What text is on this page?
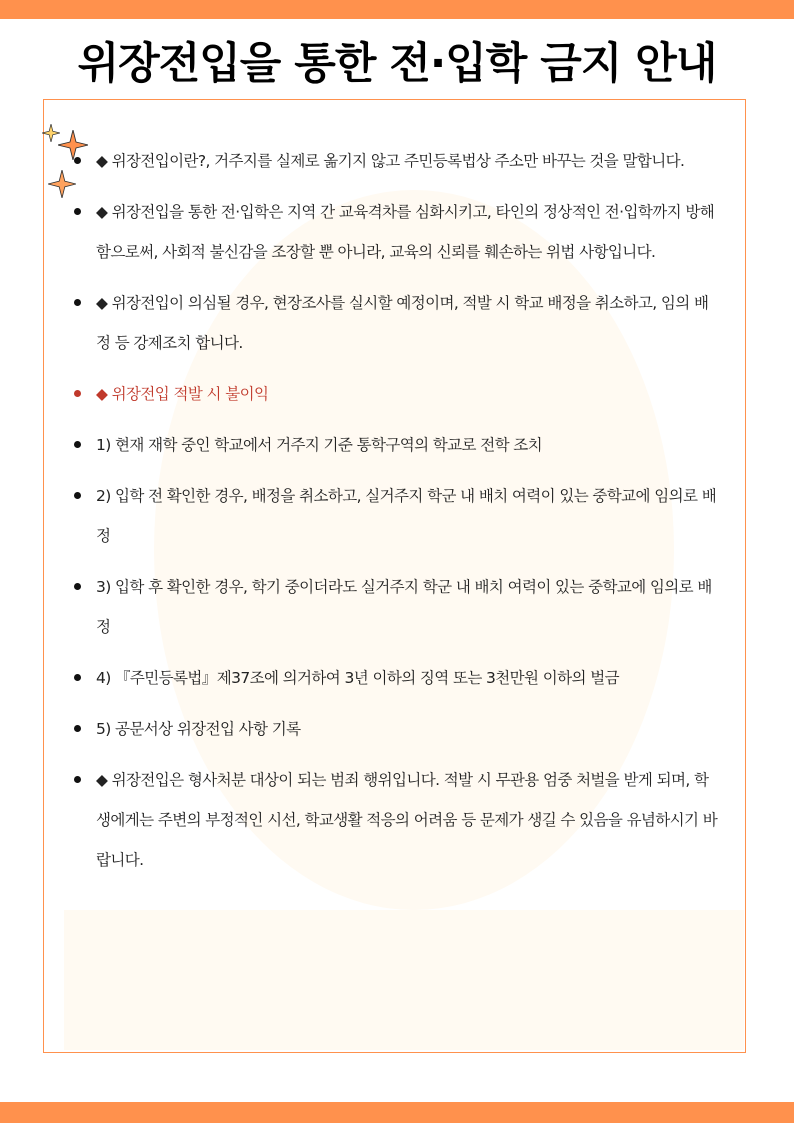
위장전입을 통한 전·입학 금지 안내
◆ 위장전입이란?, 거주지를 실제로 옮기지 않고 주민등록법상 주소만 바꾸는 것을 말합니다.
◆ 위장전입을 통한 전·입학은 지역 간 교육격차를 심화시키고, 타인의 정상적인 전·입학까지 방해함으로써, 사회적 불신감을 조장할 뿐 아니라, 교육의 신뢰를 훼손하는 위법 사항입니다.
◆ 위장전입이 의심될 경우, 현장조사를 실시할 예정이며, 적발 시 학교 배정을 취소하고, 임의 배정 등 강제조치 합니다.
◆ 위장전입 적발 시 불이익
1) 현재 재학 중인 학교에서 거주지 기준 통학구역의 학교로 전학 조치
2) 입학 전 확인한 경우, 배정을 취소하고, 실거주지 학군 내 배치 여력이 있는 중학교에 임의로 배정
3) 입학 후 확인한 경우, 학기 중이더라도 실거주지 학군 내 배치 여력이 있는 중학교에 임의로 배정
4) 『주민등록법』제37조에 의거하여 3년 이하의 징역 또는 3천만원 이하의 벌금
5) 공문서상 위장전입 사항 기록
◆ 위장전입은 형사처분 대상이 되는 범죄 행위입니다. 적발 시 무관용 엄중 처벌을 받게 되며, 학생에게는 주변의 부정적인 시선, 학교생활 적응의 어려움 등 문제가 생길 수 있음을 유념하시기 바랍니다.
